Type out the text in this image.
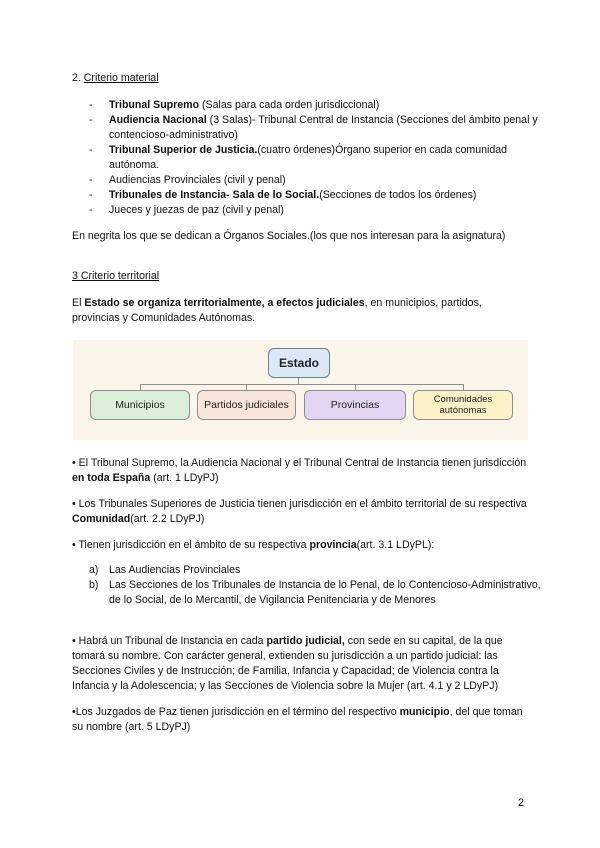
2. Criterio material
- Tribunal Supremo (Salas para cada orden jurisdiccional)
- Audiencia Nacional (3 Salas)- Tribunal Central de Instancia (Secciones del ámbito penal y contencioso-administrativo)
- Tribunal Superior de Justicia.(cuatro órdenes)Órgano superior en cada comunidad autónoma.
- Audiencias Provinciales (civil y penal)
- Tribunales de Instancia- Sala de lo Social.(Secciones de todos los órdenes)
- Jueces y juezas de paz (civil y penal)

En negrita los que se dedican a Órganos Sociales.(los que nos interesan para la asignatura)

3 Criterio territorial

El Estado se organiza territorialmente, a efectos judiciales, en municipios, partidos, provincias y Comunidades Autónomas.

Estado
Municipios	Partidos judiciales	Provincias	Comunidades autónomas

• El Tribunal Supremo, la Audiencia Nacional y el Tribunal Central de Instancia tienen jurisdicción en toda España (art. 1 LDyPJ)

• Los Tribunales Superiores de Justicia tienen jurisdicción en el ámbito territorial de su respectiva Comunidad(art. 2.2 LDyPJ)

• Tienen jurisdicción en el ámbito de su respectiva provincia(art. 3.1 LDyPL):

a) Las Audiencias Provinciales
b) Las Secciones de los Tribunales de Instancia de lo Penal, de lo Contencioso-Administrativo, de lo Social, de lo Mercantil, de Vigilancia Penitenciaria y de Menores

• Habrá un Tribunal de Instancia en cada partido judicial, con sede en su capital, de la que tomará su nombre. Con carácter general, extienden su jurisdicción a un partido judicial: las Secciones Civiles y de Instrucción; de Familia, Infancia y Capacidad; de Violencia contra la Infancia y la Adolescencia; y las Secciones de Violencia sobre la Mujer (art. 4.1 y 2 LDyPJ)

•Los Juzgados de Paz tienen jurisdicción en el término del respectivo municipio, del que toman su nombre (art. 5 LDyPJ)

2
